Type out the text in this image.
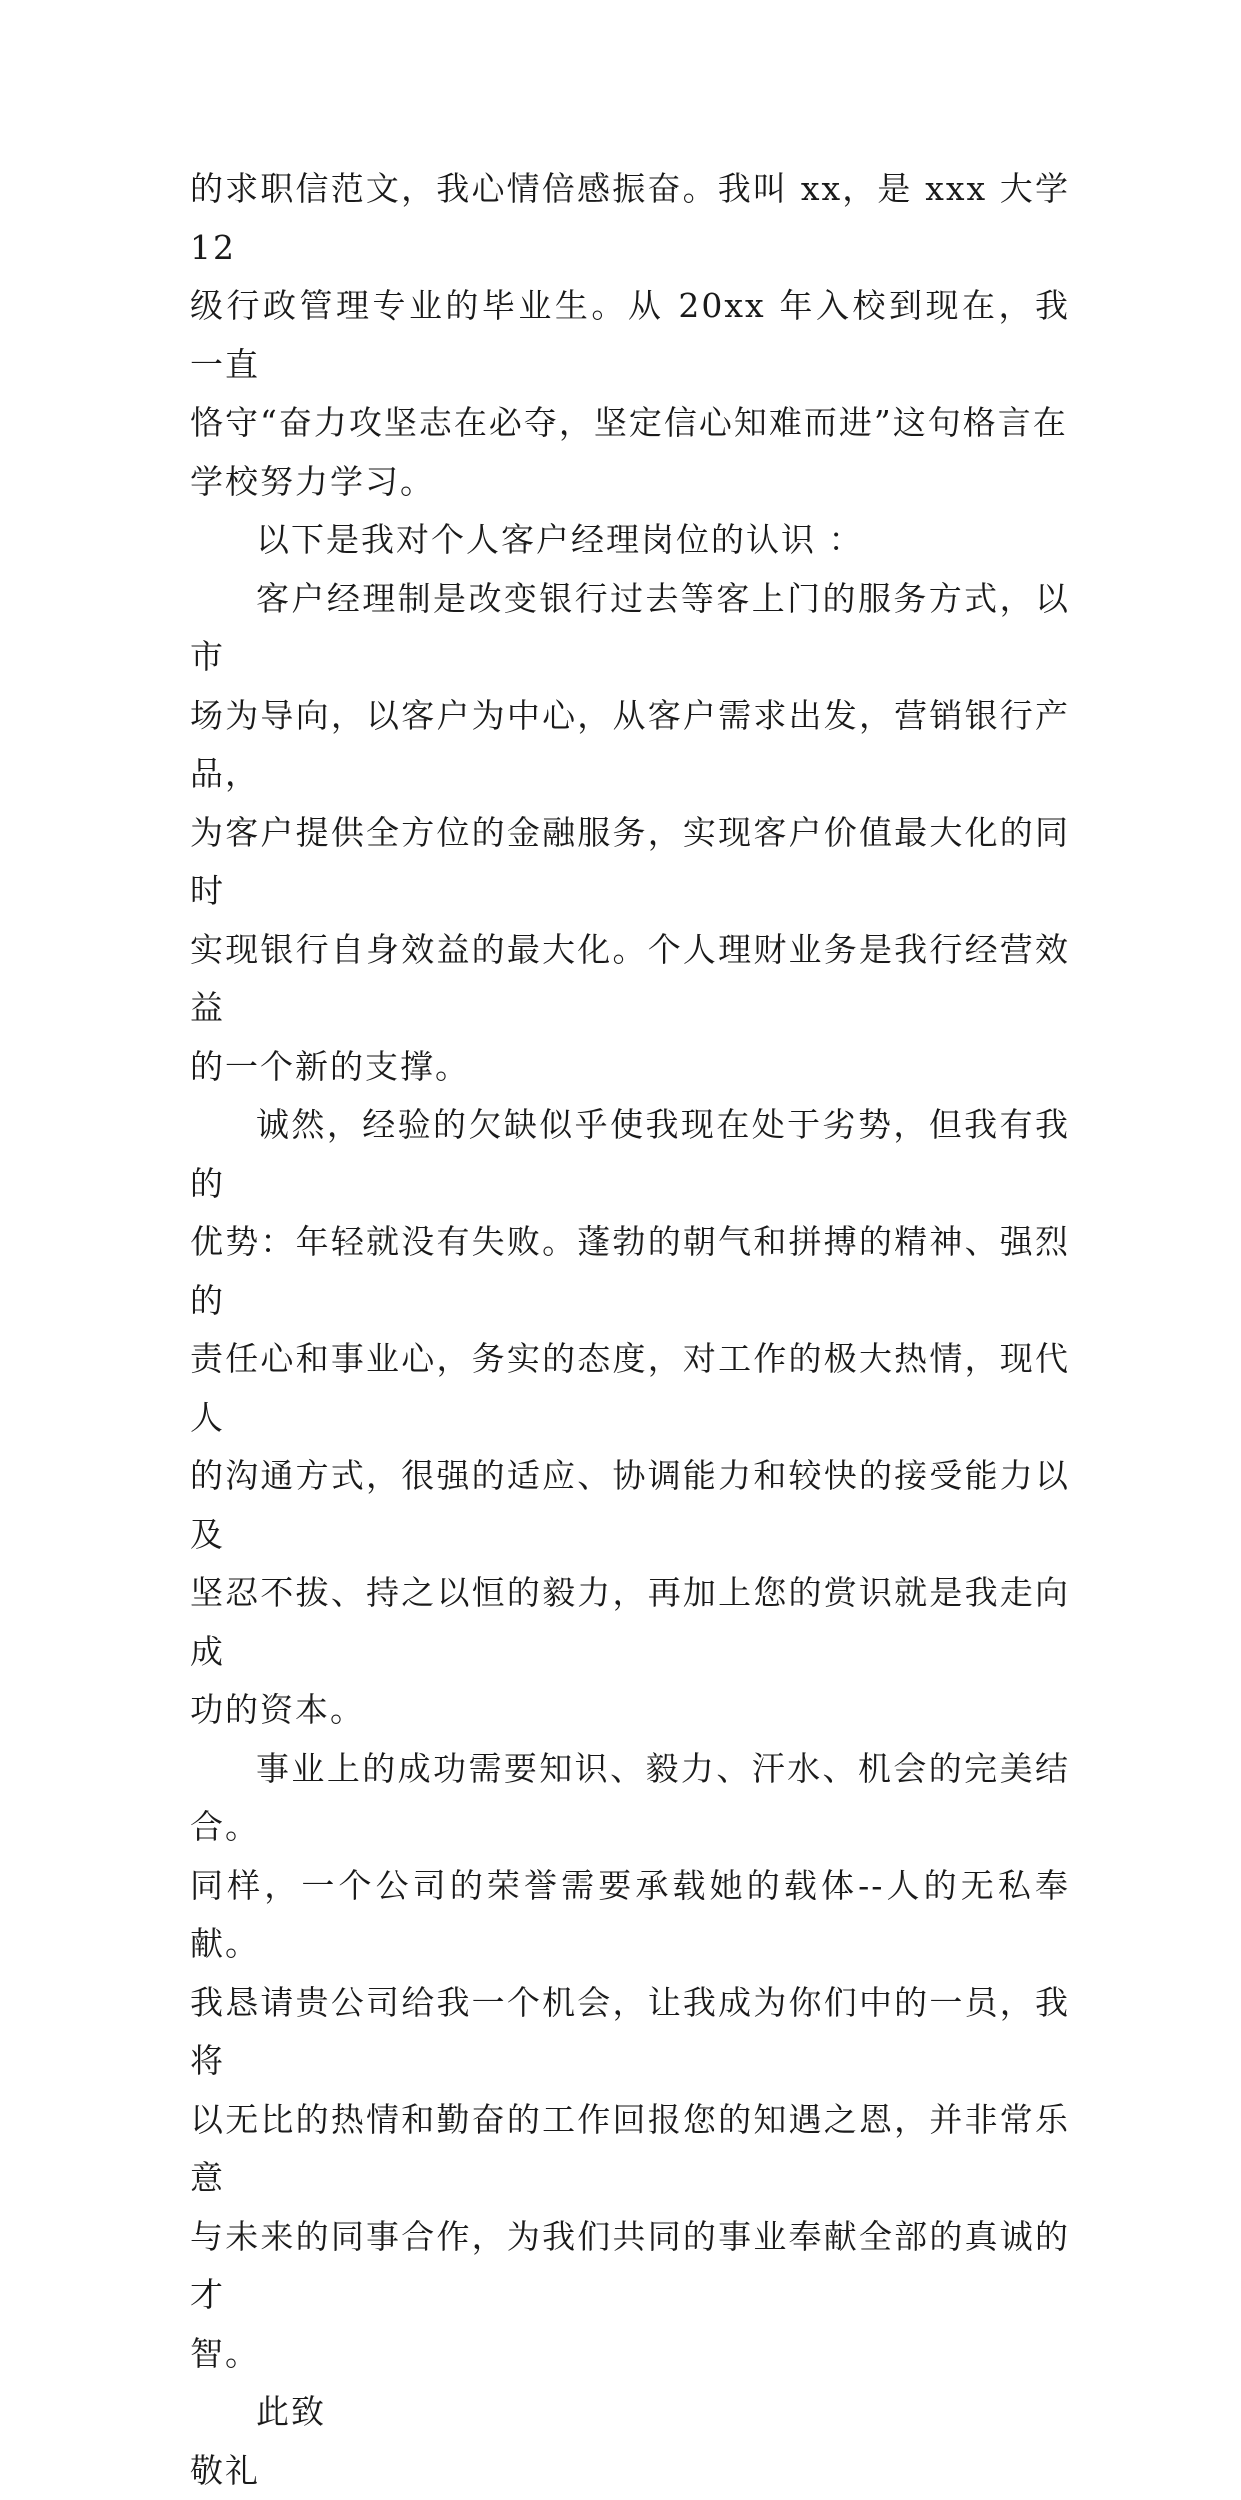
的求职信范文，我心情倍感振奋。我叫 xx，是 xxx 大学 12
级行政管理专业的毕业生。从 20xx 年入校到现在，我一直
恪守“奋力攻坚志在必夺，坚定信心知难而进”这句格言在
学校努力学习。
以下是我对个人客户经理岗位的认识 ：
客户经理制是改变银行过去等客上门的服务方式，以市
场为导向，以客户为中心，从客户需求出发，营销银行产品，
为客户提供全方位的金融服务，实现客户价值最大化的同时
实现银行自身效益的最大化。个人理财业务是我行经营效益
的一个新的支撑。
诚然，经验的欠缺似乎使我现在处于劣势，但我有我的
优势：年轻就没有失败。蓬勃的朝气和拼搏的精神、强烈的
责任心和事业心，务实的态度，对工作的极大热情，现代人
的沟通方式，很强的适应、协调能力和较快的接受能力以及
坚忍不拔、持之以恒的毅力，再加上您的赏识就是我走向成
功的资本。
事业上的成功需要知识、毅力、汗水、机会的完美结合。
同样，一个公司的荣誉需要承载她的载体--人的无私奉献。
我恳请贵公司给我一个机会，让我成为你们中的一员，我将
以无比的热情和勤奋的工作回报您的知遇之恩，并非常乐意
与未来的同事合作，为我们共同的事业奉献全部的真诚的才
智。
此致
敬礼
